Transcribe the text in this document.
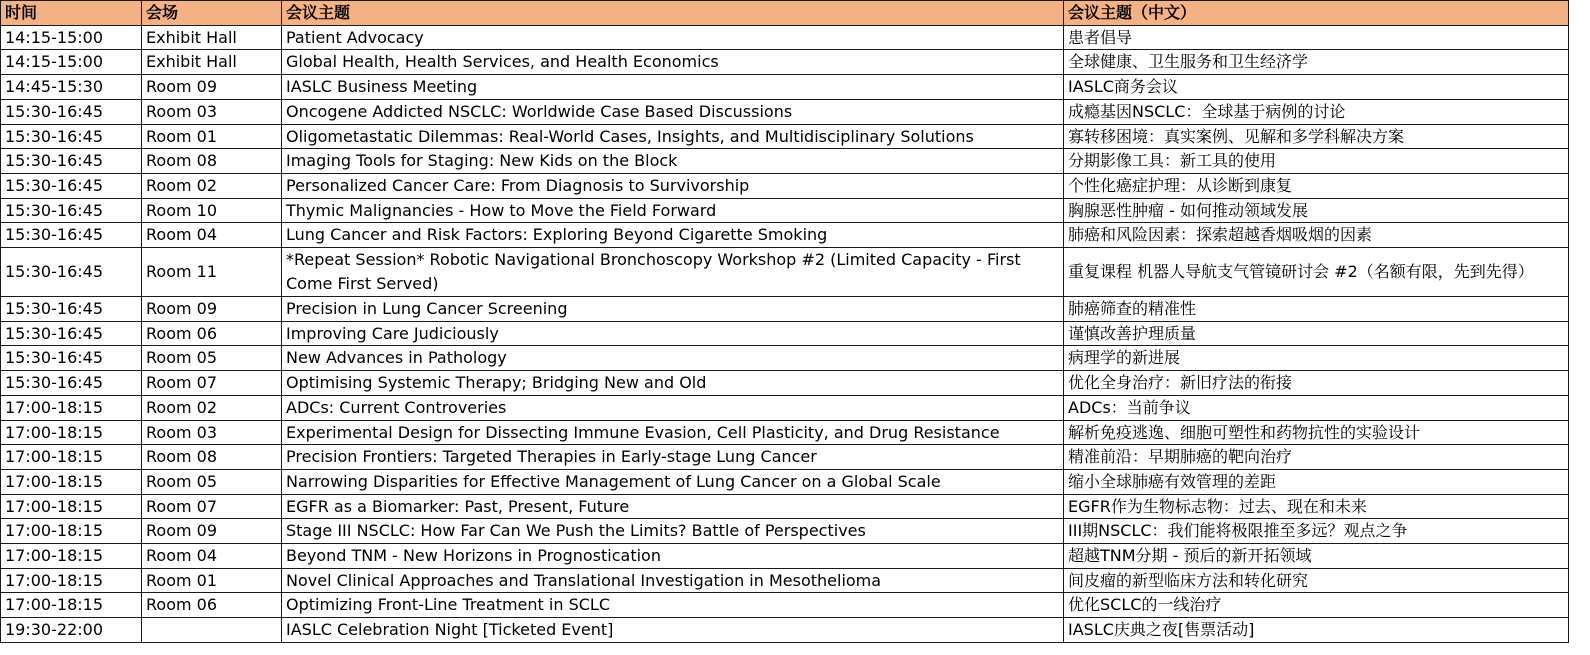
时间	会场	会议主题	会议主题（中文）
14:15-15:00	Exhibit Hall	Patient Advocacy	患者倡导
14:15-15:00	Exhibit Hall	Global Health, Health Services, and Health Economics	全球健康、卫生服务和卫生经济学
14:45-15:30	Room 09	IASLC Business Meeting	IASLC商务会议
15:30-16:45	Room 03	Oncogene Addicted NSCLC: Worldwide Case Based Discussions	成瘾基因NSCLC：全球基于病例的讨论
15:30-16:45	Room 01	Oligometastatic Dilemmas: Real-World Cases, Insights, and Multidisciplinary Solutions	寡转移困境：真实案例、见解和多学科解决方案
15:30-16:45	Room 08	Imaging Tools for Staging: New Kids on the Block	分期影像工具：新工具的使用
15:30-16:45	Room 02	Personalized Cancer Care: From Diagnosis to Survivorship	个性化癌症护理：从诊断到康复
15:30-16:45	Room 10	Thymic Malignancies - How to Move the Field Forward	胸腺恶性肿瘤 - 如何推动领域发展
15:30-16:45	Room 04	Lung Cancer and Risk Factors: Exploring Beyond Cigarette Smoking	肺癌和风险因素：探索超越香烟吸烟的因素
15:30-16:45	Room 11	*Repeat Session* Robotic Navigational Bronchoscopy Workshop #2 (Limited Capacity - First Come First Served)	重复课程 机器人导航支气管镜研讨会 #2（名额有限，先到先得）
15:30-16:45	Room 09	Precision in Lung Cancer Screening	肺癌筛查的精准性
15:30-16:45	Room 06	Improving Care Judiciously	谨慎改善护理质量
15:30-16:45	Room 05	New Advances in Pathology	病理学的新进展
15:30-16:45	Room 07	Optimising Systemic Therapy; Bridging New and Old	优化全身治疗：新旧疗法的衔接
17:00-18:15	Room 02	ADCs: Current Controveries	ADCs：当前争议
17:00-18:15	Room 03	Experimental Design for Dissecting Immune Evasion, Cell Plasticity, and Drug Resistance	解析免疫逃逸、细胞可塑性和药物抗性的实验设计
17:00-18:15	Room 08	Precision Frontiers: Targeted Therapies in Early-stage Lung Cancer	精准前沿：早期肺癌的靶向治疗
17:00-18:15	Room 05	Narrowing Disparities for Effective Management of Lung Cancer on a Global Scale	缩小全球肺癌有效管理的差距
17:00-18:15	Room 07	EGFR as a Biomarker: Past, Present, Future	EGFR作为生物标志物：过去、现在和未来
17:00-18:15	Room 09	Stage III NSCLC: How Far Can We Push the Limits? Battle of Perspectives	III期NSCLC：我们能将极限推至多远？观点之争
17:00-18:15	Room 04	Beyond TNM - New Horizons in Prognostication	超越TNM分期 - 预后的新开拓领域
17:00-18:15	Room 01	Novel Clinical Approaches and Translational Investigation in Mesothelioma	间皮瘤的新型临床方法和转化研究
17:00-18:15	Room 06	Optimizing Front-Line Treatment in SCLC	优化SCLC的一线治疗
19:30-22:00		IASLC Celebration Night [Ticketed Event]	IASLC庆典之夜[售票活动]
